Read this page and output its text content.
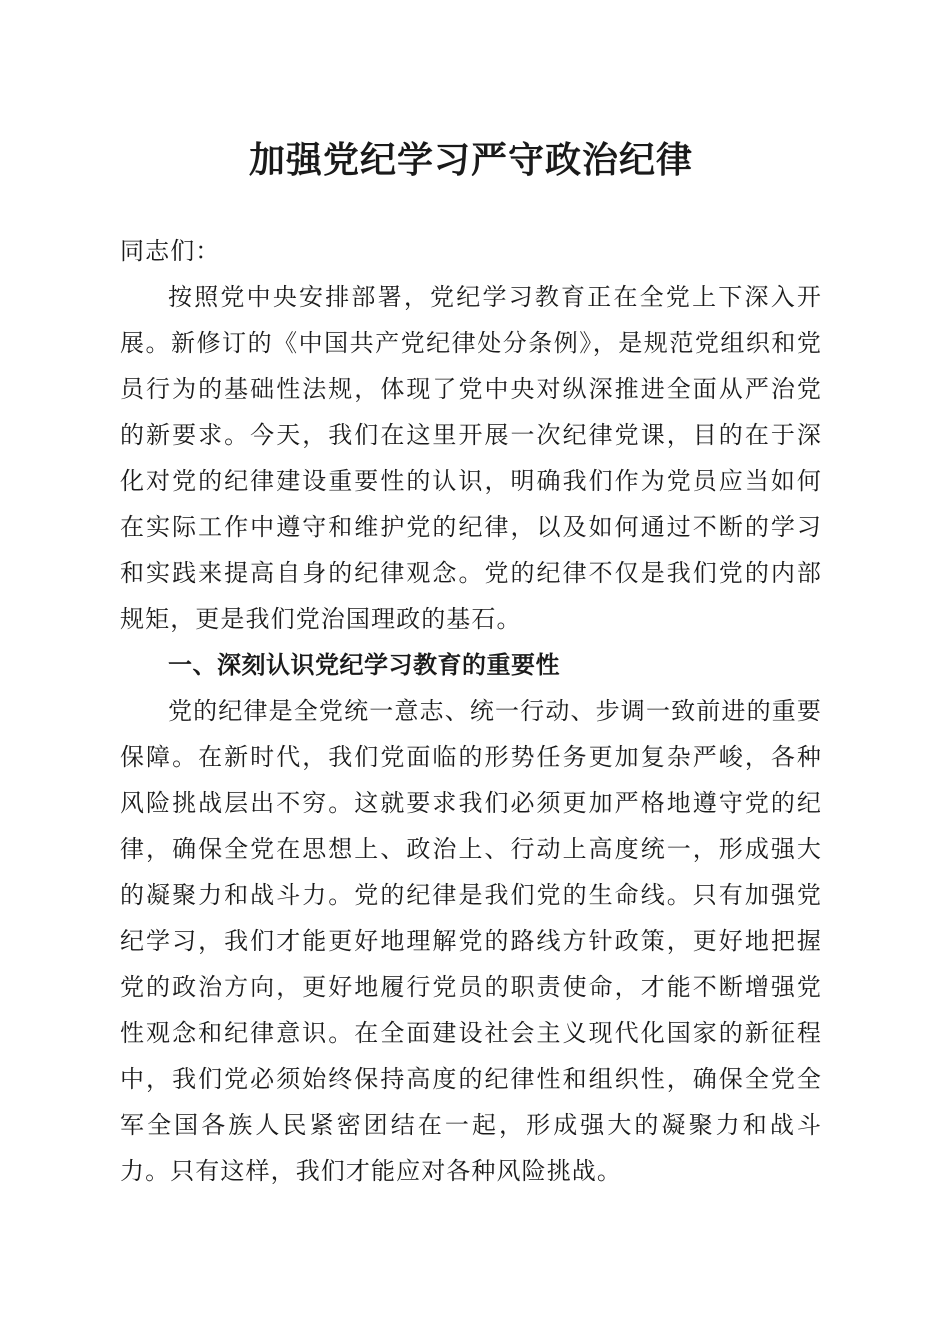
加强党纪学习严守政治纪律

同志们：

按照党中央安排部署，党纪学习教育正在全党上下深入开展。新修订的《中国共产党纪律处分条例》，是规范党组织和党员行为的基础性法规，体现了党中央对纵深推进全面从严治党的新要求。今天，我们在这里开展一次纪律党课，目的在于深化对党的纪律建设重要性的认识，明确我们作为党员应当如何在实际工作中遵守和维护党的纪律，以及如何通过不断的学习和实践来提高自身的纪律观念。党的纪律不仅是我们党的内部规矩，更是我们党治国理政的基石。

一、深刻认识党纪学习教育的重要性

党的纪律是全党统一意志、统一行动、步调一致前进的重要保障。在新时代，我们党面临的形势任务更加复杂严峻，各种风险挑战层出不穷。这就要求我们必须更加严格地遵守党的纪律，确保全党在思想上、政治上、行动上高度统一，形成强大的凝聚力和战斗力。党的纪律是我们党的生命线。只有加强党纪学习，我们才能更好地理解党的路线方针政策，更好地把握党的政治方向，更好地履行党员的职责使命，才能不断增强党性观念和纪律意识。在全面建设社会主义现代化国家的新征程中，我们党必须始终保持高度的纪律性和组织性，确保全党全军全国各族人民紧密团结在一起，形成强大的凝聚力和战斗力。只有这样，我们才能应对各种风险挑战。
